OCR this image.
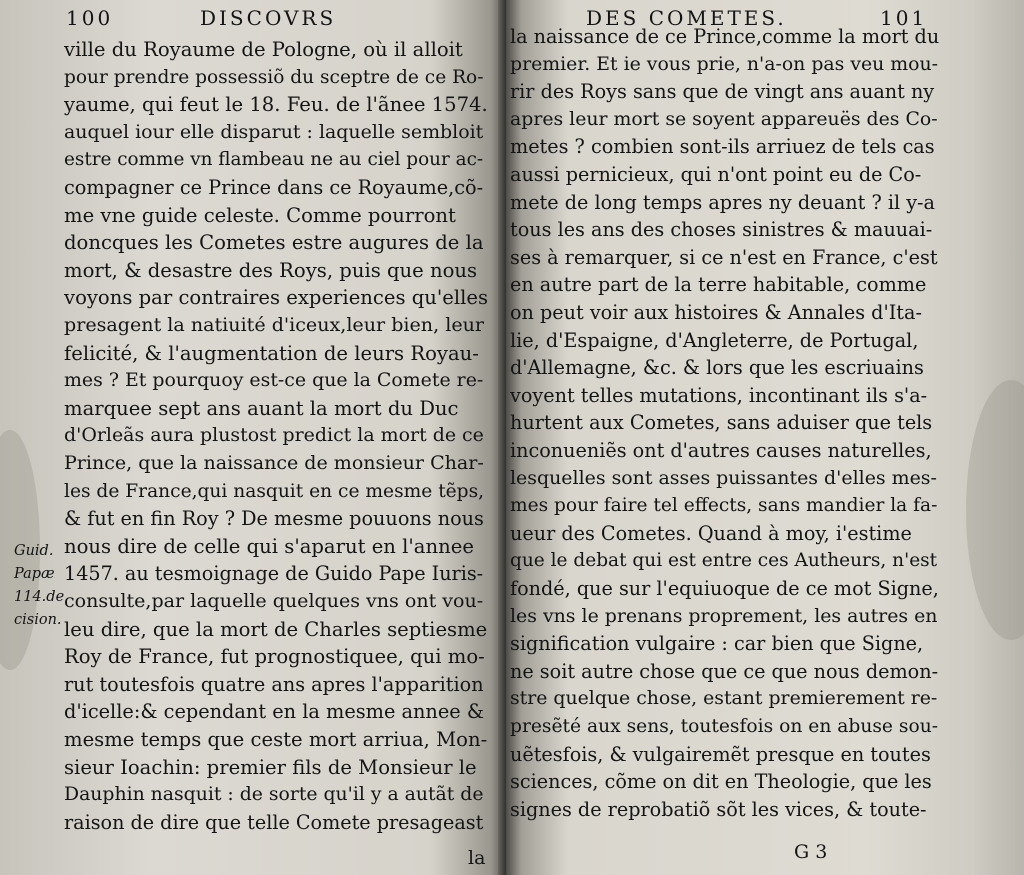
100	DISCOVRS
ville du Royaume de Pologne, où il alloit
pour prendre possessiõ du sceptre de ce Ro-
yaume, qui feut le 18. Feu. de l'ãnee 1574.
auquel iour elle disparut : laquelle sembloit
estre comme vn flambeau ne au ciel pour ac-
compagner ce Prince dans ce Royaume,cõ-
me vne guide celeste. Comme pourront
doncques les Cometes estre augures de la
mort, & desastre des Roys, puis que nous
voyons par contraires experiences qu'elles
presagent la natiuité d'iceux,leur bien, leur
felicité, & l'augmentation de leurs Royau-
mes ? Et pourquoy est-ce que la Comete re-
marquee sept ans auant la mort du Duc
d'Orleãs aura plustost predict la mort de ce
Prince, que la naissance de monsieur Char-
les de France,qui nasquit en ce mesme tẽps,
& fut en fin Roy ? De mesme pouuons nous
nous dire de celle qui s'aparut en l'annee
1457. au tesmoignage de Guido Pape Iuris-
consulte,par laquelle quelques vns ont vou-
leu dire, que la mort de Charles septiesme
Roy de France, fut prognostiquee, qui mo-
rut toutesfois quatre ans apres l'apparition
d'icelle:& cependant en la mesme annee &
mesme temps que ceste mort arriua, Mon-
sieur Ioachin: premier fils de Monsieur le
Dauphin nasquit : de sorte qu'il y a autãt de
raison de dire que telle Comete presageast
Guid.
Papæ
114.de
cision.
la
DES COMETES.	101
la naissance de ce Prince,comme la mort du
premier. Et ie vous prie, n'a-on pas veu mou-
rir des Roys sans que de vingt ans auant ny
apres leur mort se soyent appareuës des Co-
metes ? combien sont-ils arriuez de tels cas
aussi pernicieux, qui n'ont point eu de Co-
mete de long temps apres ny deuant ? il y-a
tous les ans des choses sinistres & mauuai-
ses à remarquer, si ce n'est en France, c'est
en autre part de la terre habitable, comme
on peut voir aux histoires & Annales d'Ita-
lie, d'Espaigne, d'Angleterre, de Portugal,
d'Allemagne, &c. & lors que les escriuains
voyent telles mutations, incontinant ils s'a-
hurtent aux Cometes, sans aduiser que tels
inconueniẽs ont d'autres causes naturelles,
lesquelles sont asses puissantes d'elles mes-
mes pour faire tel effects, sans mandier la fa-
ueur des Cometes. Quand à moy, i'estime
que le debat qui est entre ces Autheurs, n'est
fondé, que sur l'equiuoque de ce mot Signe,
les vns le prenans proprement, les autres en
signification vulgaire : car bien que Signe,
ne soit autre chose que ce que nous demon-
stre quelque chose, estant premierement re-
presẽté aux sens, toutesfois on en abuse sou-
uẽtesfois, & vulgairemẽt presque en toutes
sciences, cõme on dit en Theologie, que les
signes de reprobatiõ sõt les vices, & toute-
G 3
